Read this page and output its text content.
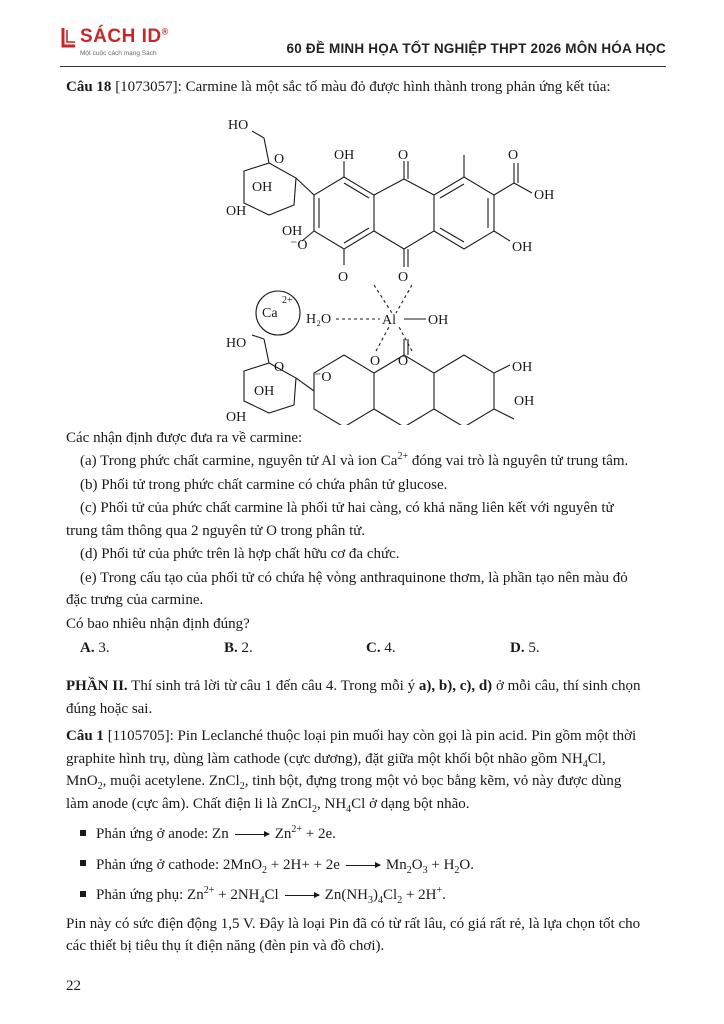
SÁCH ID®
Một cuộc cách mạng Sách	60 ĐỀ MINH HỌA TỐT NGHIỆP THPT 2026 MÔN HÓA HỌC

Câu 18 [1073057]: Carmine là một sắc tố màu đỏ được hình thành trong phản ứng kết tủa:

HO
O
OH
OH
OH
OH	O	O
OH
OH
⁻O
O	O
Ca
2+
H₂O	Al OH
O O
HO
⁻O
O	OH
OH
OH
OH

Các nhận định được đưa ra về carmine:

(a) Trong phức chất carmine, nguyên tử Al và ion $Ca^{2+}$ đóng vai trò là nguyên tử trung tâm.

(b) Phối tử trong phức chất carmine có chứa phân tử glucose.

(c) Phối tử của phức chất carmine là phối tử hai càng, có khả năng liên kết với nguyên tử

trung tâm thông qua 2 nguyên tử O trong phân tử.

(d) Phối tử của phức trên là hợp chất hữu cơ đa chức.

(e) Trong cấu tạo của phối tử có chứa hệ vòng anthraquinone thơm, là phần tạo nên màu đỏ

đặc trưng của carmine.

Có bao nhiêu nhận định đúng?

A. 3.	B. 2.	C. 4.	D. 5.

PHẦN II. Thí sinh trả lời từ câu 1 đến câu 4. Trong mỗi ý a), b), c), d) ở mỗi câu, thí sinh chọn

đúng hoặc sai.

Câu 1 [1105705]: Pin Leclanché thuộc loại pin muối hay còn gọi là pin acid. Pin gồm một thời

graphite hình trụ, dùng làm cathode (cực dương), đặt giữa một khối bột nhão gồm $NH_4Cl$,

MnO$_2$, muội acetylene. ZnCl$_2$, tinh bột, đựng trong một vỏ bọc bằng kẽm, vỏ này được dùng

làm anode (cực âm). Chất điện li là ZnCl$_2$, $NH_4Cl$ ở dạng bột nhão.

Phản ứng ở anode: Zn	$Zn^{2+} + 2e$.

Phản ứng ở cathode: 2MnO$_2$ + 2H+ + 2e	$Mn_2O_3 + H_2O$.

Phản ứng phụ: $Zn^{2+} + 2NH_4Cl$	$Zn(NH_3)_4Cl_2 + 2H^+$.

Pin này có sức điện động 1,5 V. Đây là loại Pin đã có từ rất lâu, có giá rất rẻ, là lựa chọn tốt cho

các thiết bị tiêu thụ ít điện năng (đèn pin và đồ chơi).

22
